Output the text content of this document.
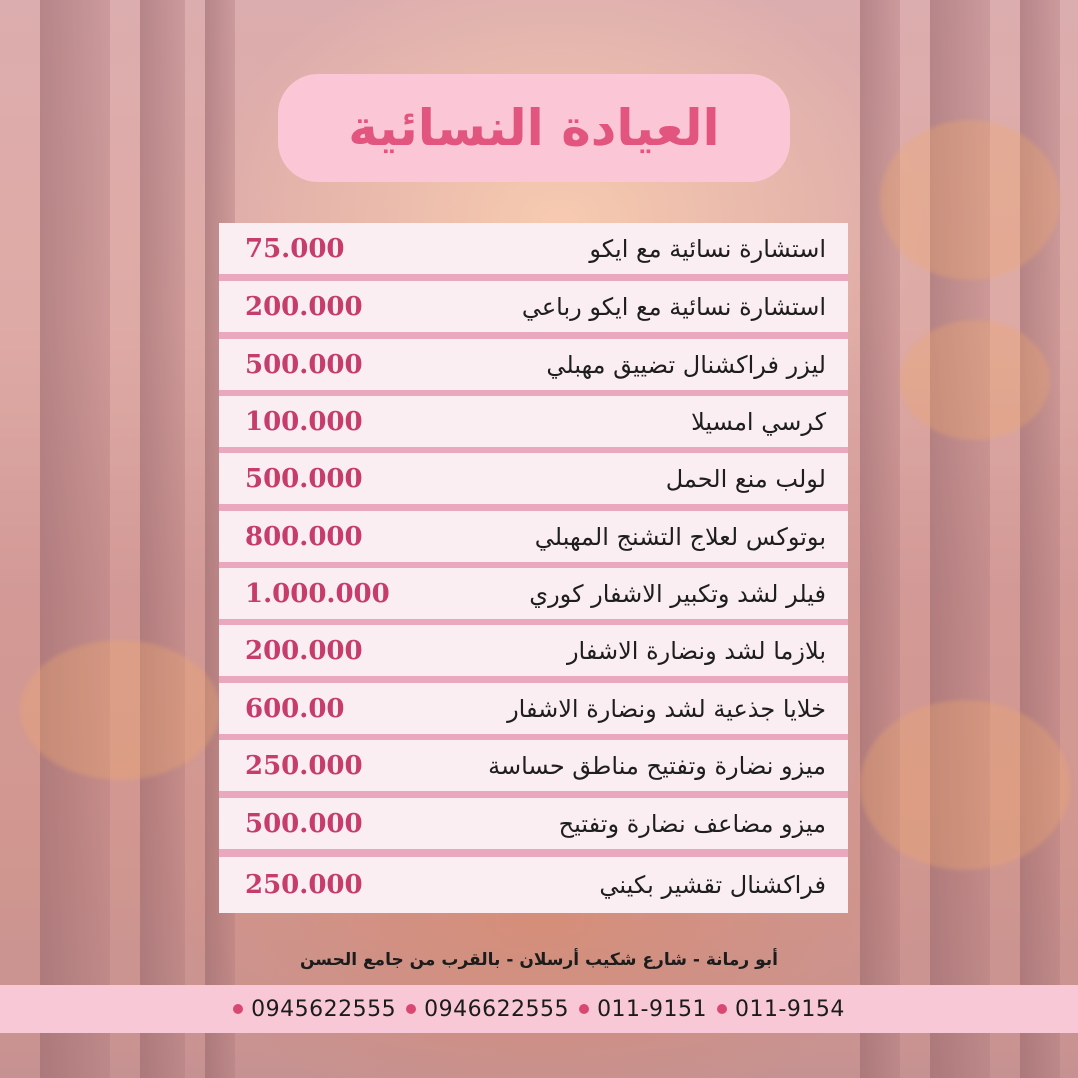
العيادة النسائية
استشارة نسائية مع ايكو
75.000
استشارة نسائية مع ايكو رباعي
200.000
ليزر فراكشنال تضييق مهبلي
500.000
كرسي امسيلا
100.000
لولب منع الحمل
500.000
بوتوكس لعلاج التشنج المهبلي
800.000
فيلر لشد وتكبير الاشفار كوري
1.000.000
بلازما لشد ونضارة الاشفار
200.000
خلايا جذعية لشد ونضارة الاشفار
600.00
ميزو نضارة وتفتيح مناطق حساسة
250.000
ميزو مضاعف نضارة وتفتيح
500.000
فراكشنال تقشير بكيني
250.000
أبو رمانة - شارع شكيب أرسلان - بالقرب من جامع الحسن
0945622555 0946622555 011-9151 011-9154
